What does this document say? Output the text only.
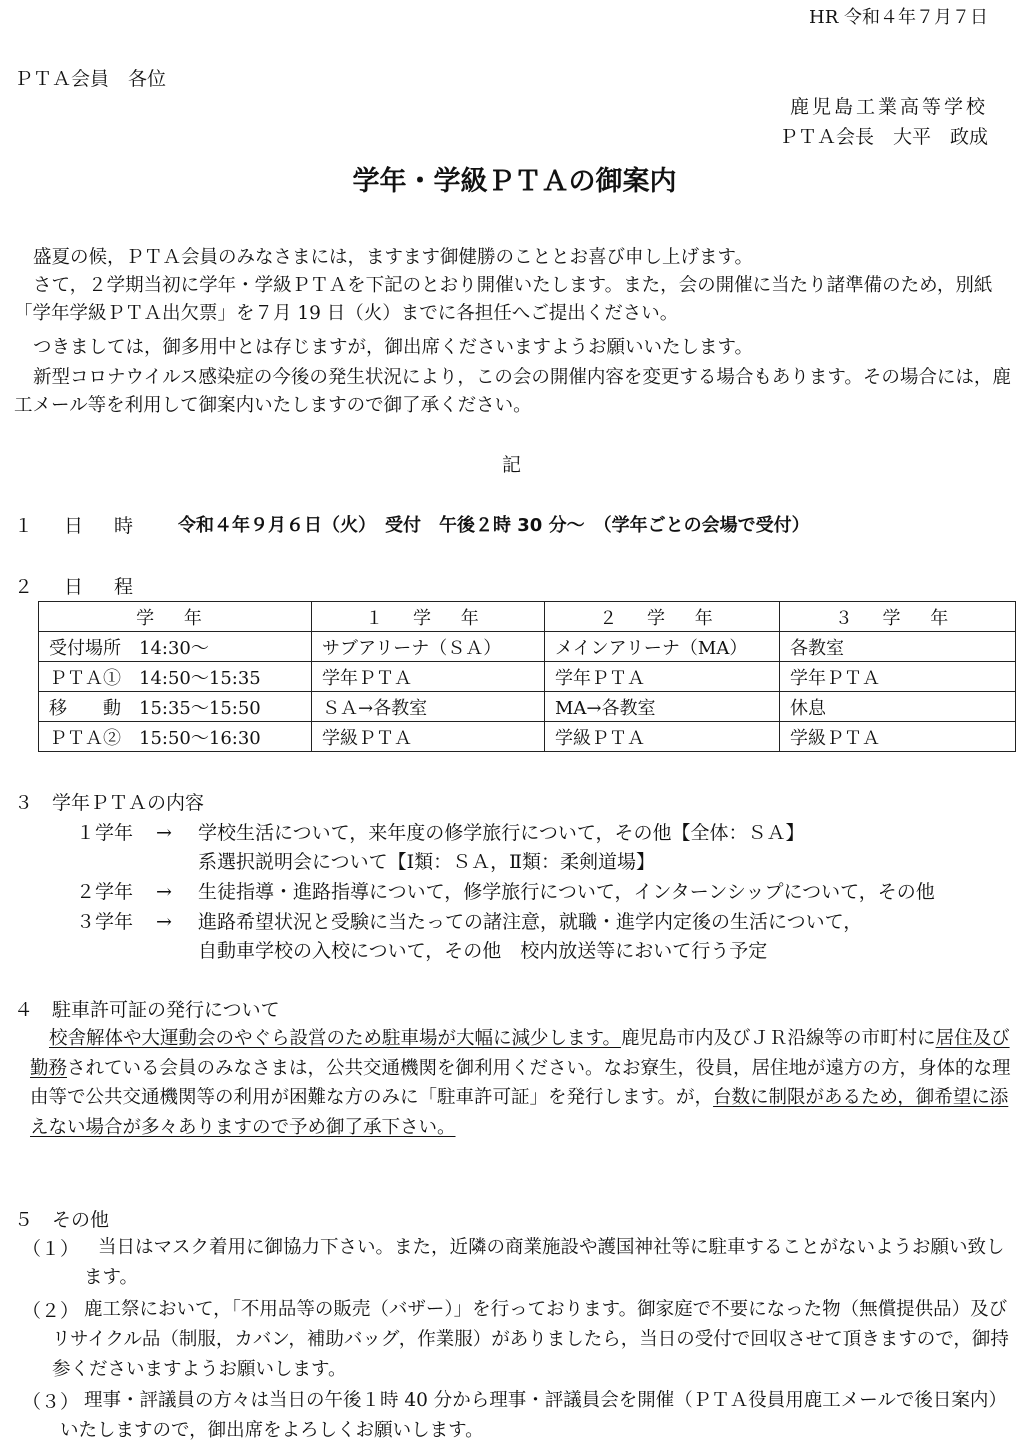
HR 令和４年７月７日
ＰＴＡ会員　各位
鹿児島工業高等学校
ＰＴＡ会長　大平　政成
学年・学級ＰＴＡの御案内
盛夏の候，ＰＴＡ会員のみなさまには，ますます御健勝のこととお喜び申し上げます。
さて，２学期当初に学年・学級ＰＴＡを下記のとおり開催いたします。また，会の開催に当たり諸準備のため，別紙「学年学級ＰＴＡ出欠票」を７月 19 日（火）までに各担任へご提出ください。
つきましては，御多用中とは存じますが，御出席くださいますようお願いいたします。
新型コロナウイルス感染症の今後の発生状況により，この会の開催内容を変更する場合もあります。その場合には，鹿工メール等を利用して御案内いたしますので御了承ください。
記
１　日　時 令和４年９月６日（火）　受付　午後２時 30 分～　（学年ごとの会場で受付）
２　日　程
学 年	１ 学 年	２ 学 年	３ 学 年
受付場所　14:30～	サブアリーナ（ＳＡ）	メインアリーナ（MA）	各教室
ＰＴＡ①　14:50～15:35	学年ＰＴＡ	学年ＰＴＡ	学年ＰＴＡ
移　　動　15:35～15:50	ＳＡ→各教室	MA→各教室	休息
ＰＴＡ②　15:50～16:30	学級ＰＴＡ	学級ＰＴＡ	学級ＰＴＡ
３　学年ＰＴＡの内容
１学年 → 学校生活について，来年度の修学旅行について，その他【全体：ＳＡ】
系選択説明会について【Ⅰ類：ＳＡ，Ⅱ類：柔剣道場】
２学年 → 生徒指導・進路指導について，修学旅行について，インターンシップについて，その他
３学年 → 進路希望状況と受験に当たっての諸注意，就職・進学内定後の生活について，
自動車学校の入校について，その他　校内放送等において行う予定
４　駐車許可証の発行について
校舎解体や大運動会のやぐら設営のため駐車場が大幅に減少します。鹿児島市内及びＪＲ沿線等の市町村に居住及び勤務されている会員のみなさまは，公共交通機関を御利用ください。なお寮生，役員，居住地が遠方の方，身体的な理由等で公共交通機関等の利用が困難な方のみに「駐車許可証」を発行します。が，台数に制限があるため，御希望に添えない場合が多々ありますので予め御了承下さい。
５　その他
（１）	当日はマスク着用に御協力下さい。また，近隣の商業施設や護国神社等に駐車することがないようお願い致します。
（２） 鹿工祭において，「不用品等の販売（バザー）」を行っております。御家庭で不要になった物（無償提供品）及びリサイクル品（制服，カバン，補助バッグ，作業服）がありましたら，当日の受付で回収させて頂きますので，御持参くださいますようお願いします。
（３） 理事・評議員の方々は当日の午後１時 40 分から理事・評議員会を開催（ＰＴＡ役員用鹿工メールで後日案内）いたしますので，御出席をよろしくお願いします。
